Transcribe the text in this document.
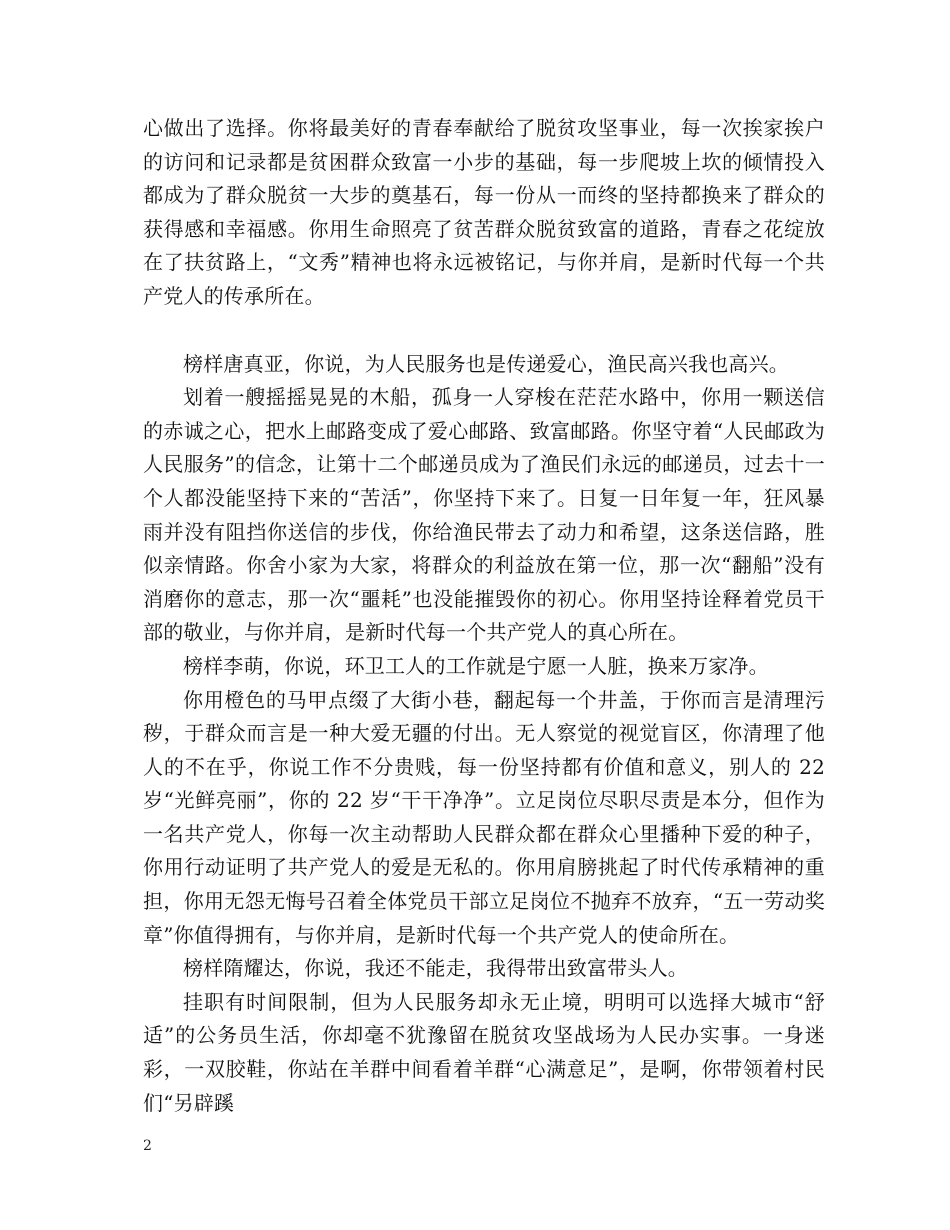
心做出了选择。你将最美好的青春奉献给了脱贫攻坚事业，每一次挨家挨户的访问和记录都是贫困群众致富一小步的基础，每一步爬坡上坎的倾情投入都成为了群众脱贫一大步的奠基石，每一份从一而终的坚持都换来了群众的获得感和幸福感。你用生命照亮了贫苦群众脱贫致富的道路，青春之花绽放在了扶贫路上，“文秀”精神也将永远被铭记，与你并肩，是新时代每一个共产党人的传承所在。

榜样唐真亚，你说，为人民服务也是传递爱心，渔民高兴我也高兴。

划着一艘摇摇晃晃的木船，孤身一人穿梭在茫茫水路中，你用一颗送信的赤诚之心，把水上邮路变成了爱心邮路、致富邮路。你坚守着“人民邮政为人民服务”的信念，让第十二个邮递员成为了渔民们永远的邮递员，过去十一个人都没能坚持下来的“苦活”，你坚持下来了。日复一日年复一年，狂风暴雨并没有阻挡你送信的步伐，你给渔民带去了动力和希望，这条送信路，胜似亲情路。你舍小家为大家，将群众的利益放在第一位，那一次“翻船”没有消磨你的意志，那一次“噩耗”也没能摧毁你的初心。你用坚持诠释着党员干部的敬业，与你并肩，是新时代每一个共产党人的真心所在。

榜样李萌，你说，环卫工人的工作就是宁愿一人脏，换来万家净。

你用橙色的马甲点缀了大街小巷，翻起每一个井盖，于你而言是清理污秽，于群众而言是一种大爱无疆的付出。无人察觉的视觉盲区，你清理了他人的不在乎，你说工作不分贵贱，每一份坚持都有价值和意义，别人的 22 岁“光鲜亮丽”，你的 22 岁“干干净净”。立足岗位尽职尽责是本分，但作为一名共产党人，你每一次主动帮助人民群众都在群众心里播种下爱的种子，你用行动证明了共产党人的爱是无私的。你用肩膀挑起了时代传承精神的重担，你用无怨无悔号召着全体党员干部立足岗位不抛弃不放弃，“五一劳动奖章”你值得拥有，与你并肩，是新时代每一个共产党人的使命所在。

榜样隋耀达，你说，我还不能走，我得带出致富带头人。

挂职有时间限制，但为人民服务却永无止境，明明可以选择大城市“舒适”的公务员生活，你却毫不犹豫留在脱贫攻坚战场为人民办实事。一身迷彩，一双胶鞋，你站在羊群中间看着羊群“心满意足”，是啊，你带领着村民们“另辟蹊

2
